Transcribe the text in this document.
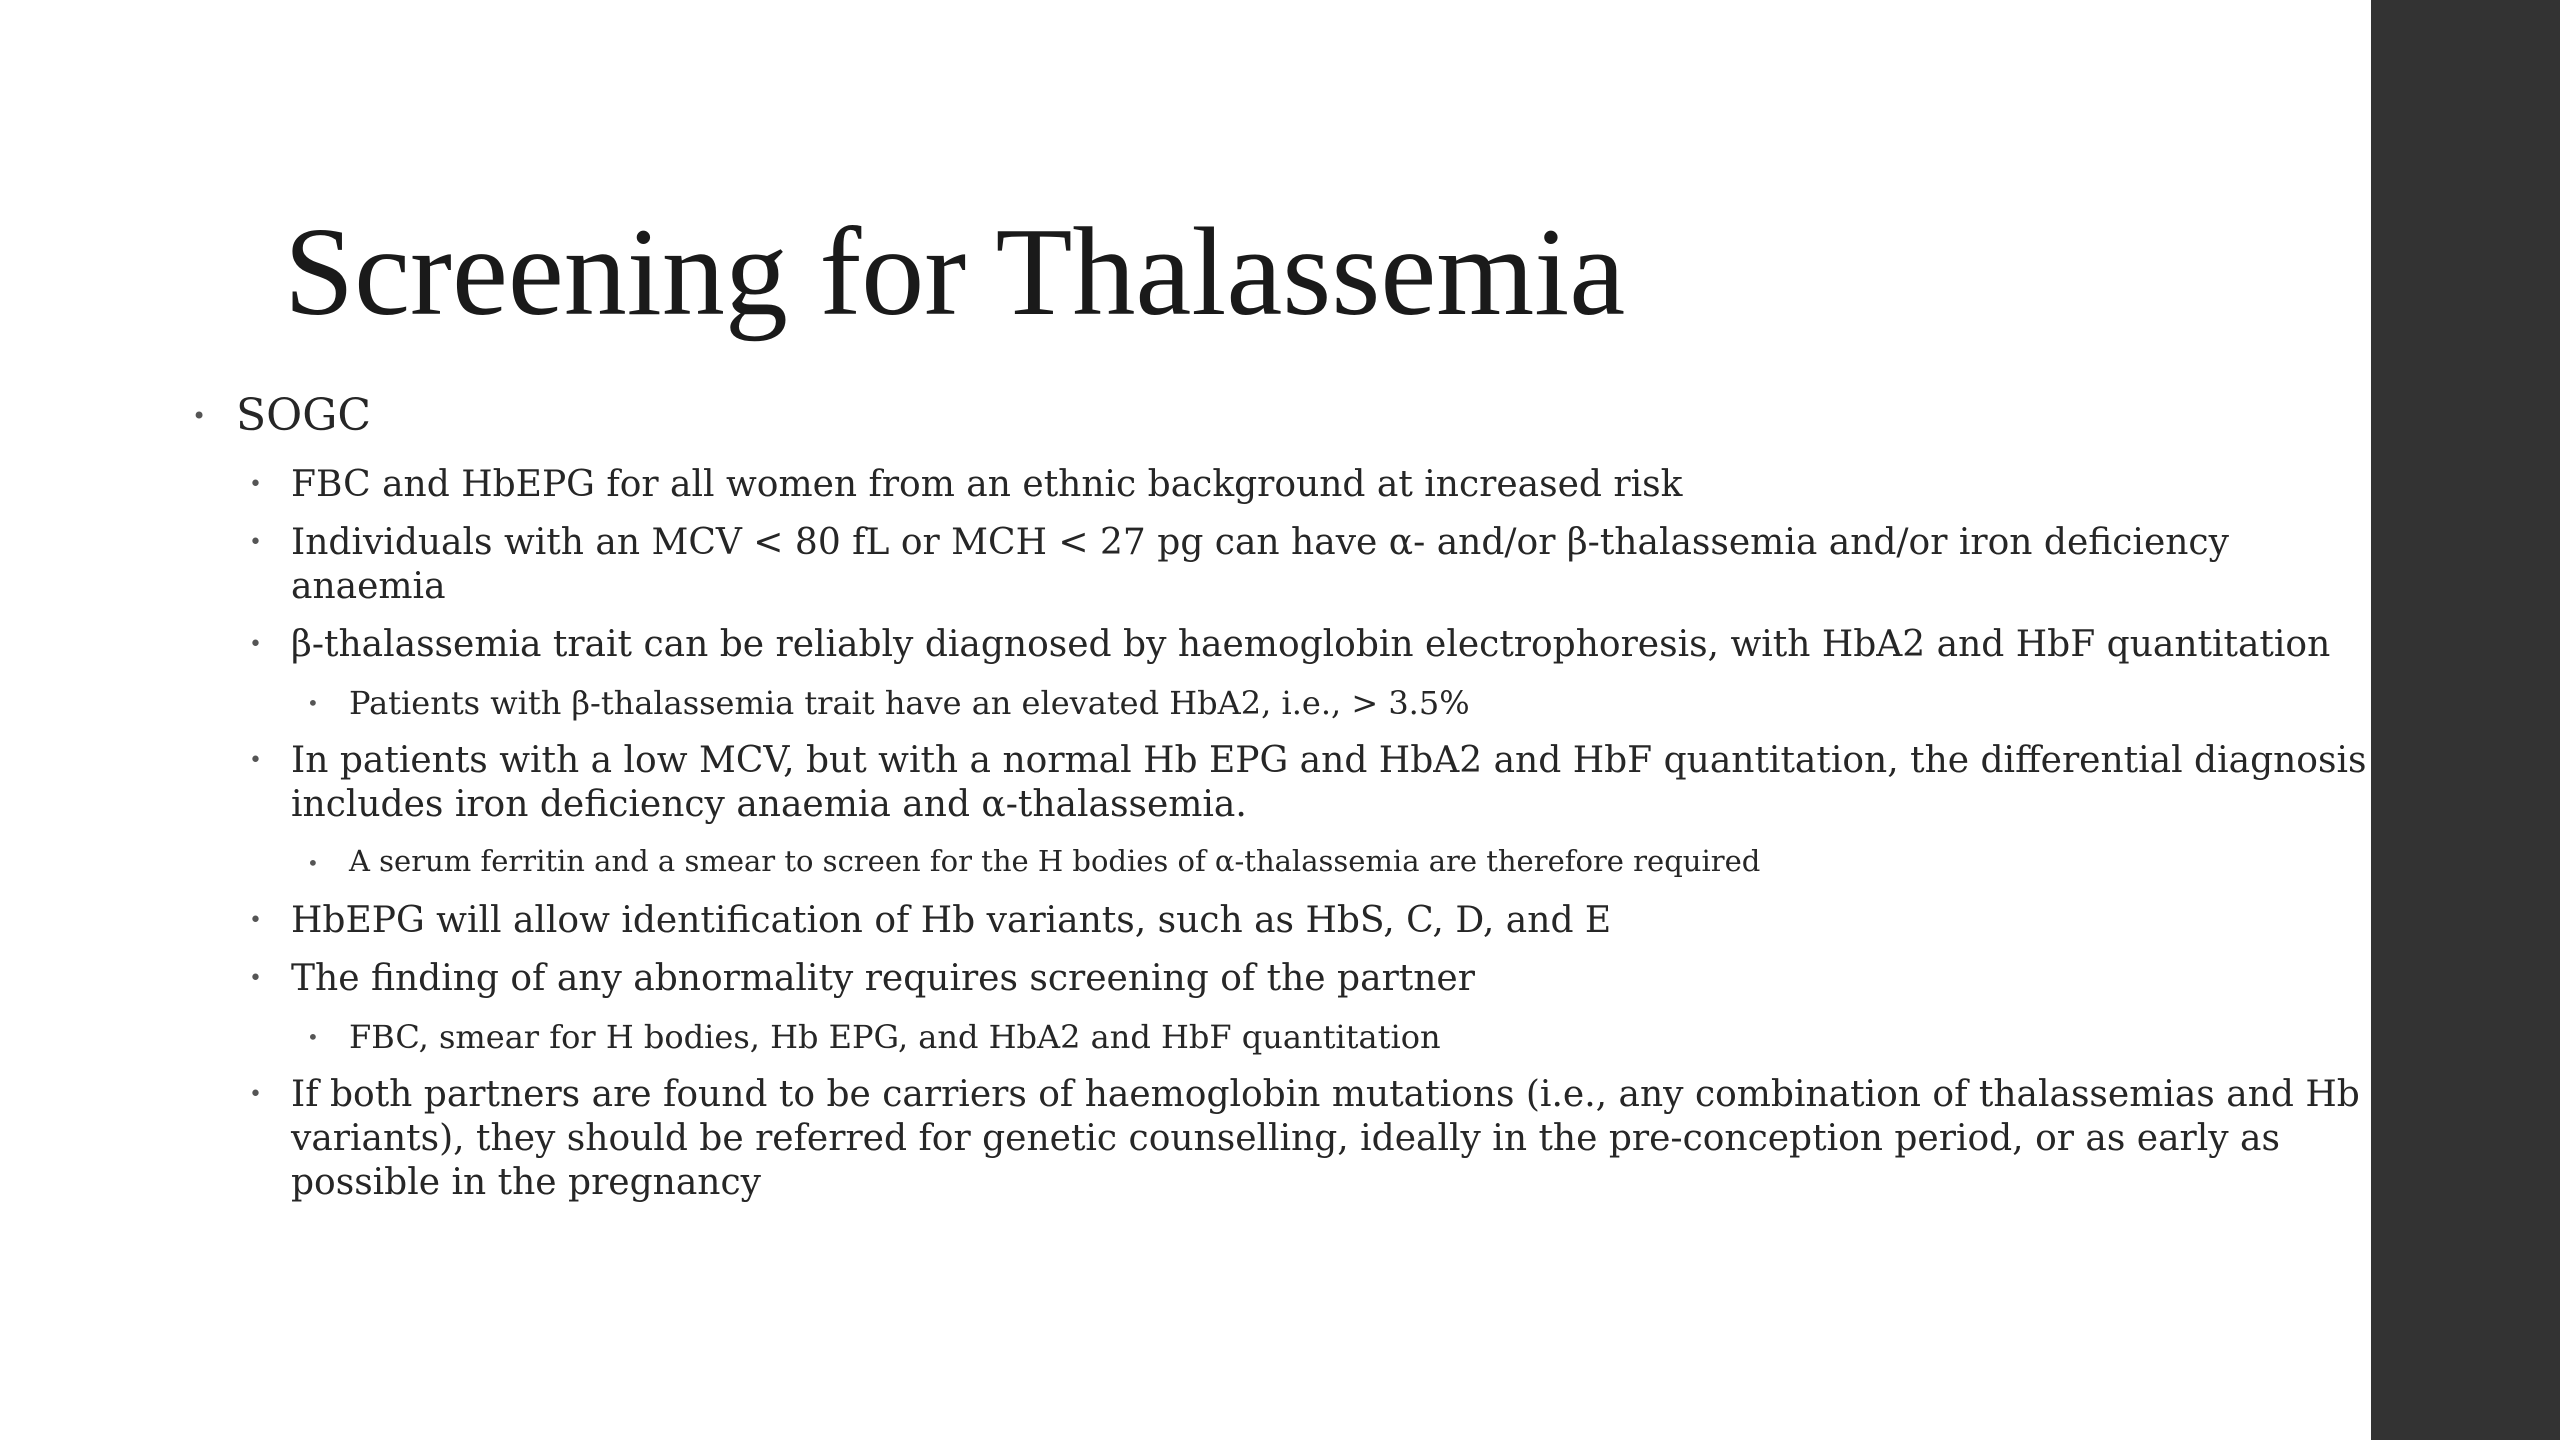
Screening for Thalassemia
• SOGC
• FBC and HbEPG for all women from an ethnic background at increased risk
• Individuals with an MCV < 80 fL or MCH < 27 pg can have α- and/or β-thalassemia and/or iron deficiency anaemia
• β-thalassemia trait can be reliably diagnosed by haemoglobin electrophoresis, with HbA2 and HbF quantitation
• Patients with β-thalassemia trait have an elevated HbA2, i.e., > 3.5%
• In patients with a low MCV, but with a normal Hb EPG and HbA2 and HbF quantitation, the differential diagnosis includes iron deficiency anaemia and α-thalassemia.
•	A serum ferritin and a smear to screen for the H bodies of α-thalassemia are therefore required
• HbEPG will allow identification of Hb variants, such as HbS, C, D, and E
• The finding of any abnormality requires screening of the partner
• FBC, smear for H bodies, Hb EPG, and HbA2 and HbF quantitation
• If both partners are found to be carriers of haemoglobin mutations (i.e., any combination of thalassemias and Hb variants), they should be referred for genetic counselling, ideally in the pre-conception period, or as early as possible in the pregnancy
